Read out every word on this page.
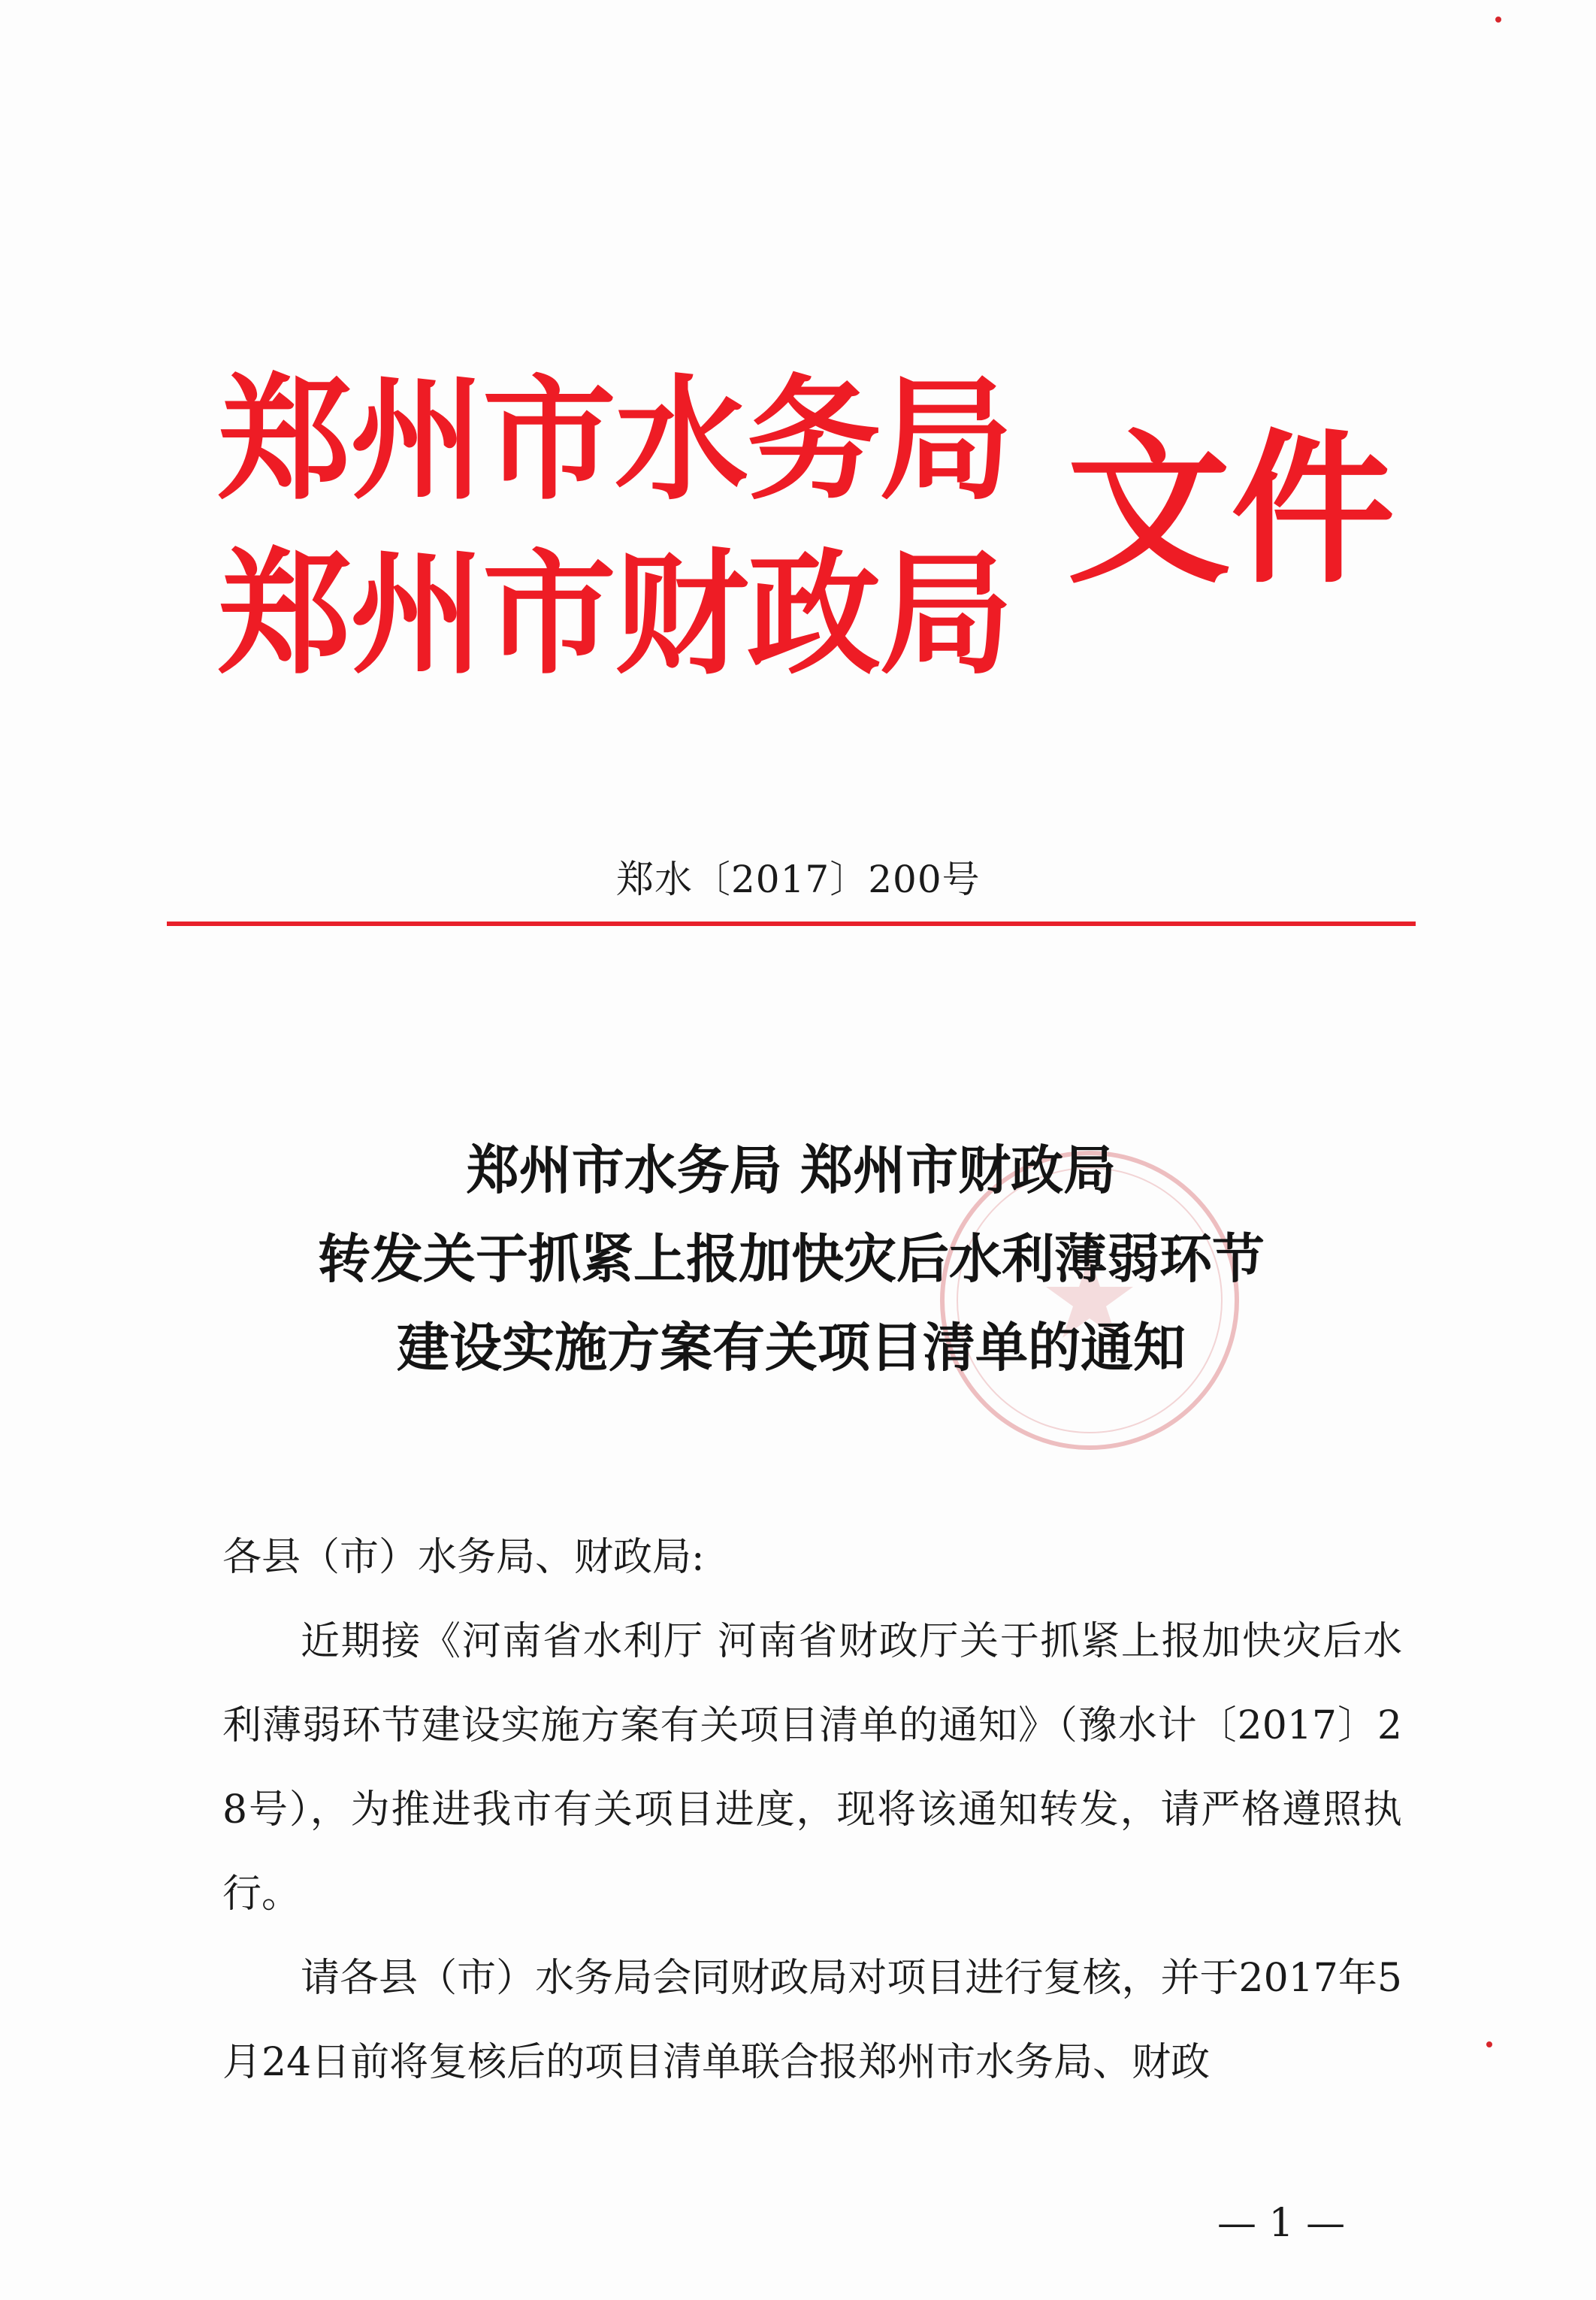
郑州市水务局
郑州市财政局
文件
郑水〔2017〕200号
郑州市水务局 郑州市财政局
转发关于抓紧上报加快灾后水利薄弱环节
建设实施方案有关项目清单的通知
各县（市）水务局、财政局:
近期接《河南省水利厅 河南省财政厅关于抓紧上报加快灾后水利薄弱环节建设实施方案有关项目清单的通知》（豫水计〔2017〕28号），为推进我市有关项目进度，现将该通知转发，请严格遵照执行。
请各县（市）水务局会同财政局对项目进行复核，并于2017年5月24日前将复核后的项目清单联合报郑州市水务局、财政
— 1 —
